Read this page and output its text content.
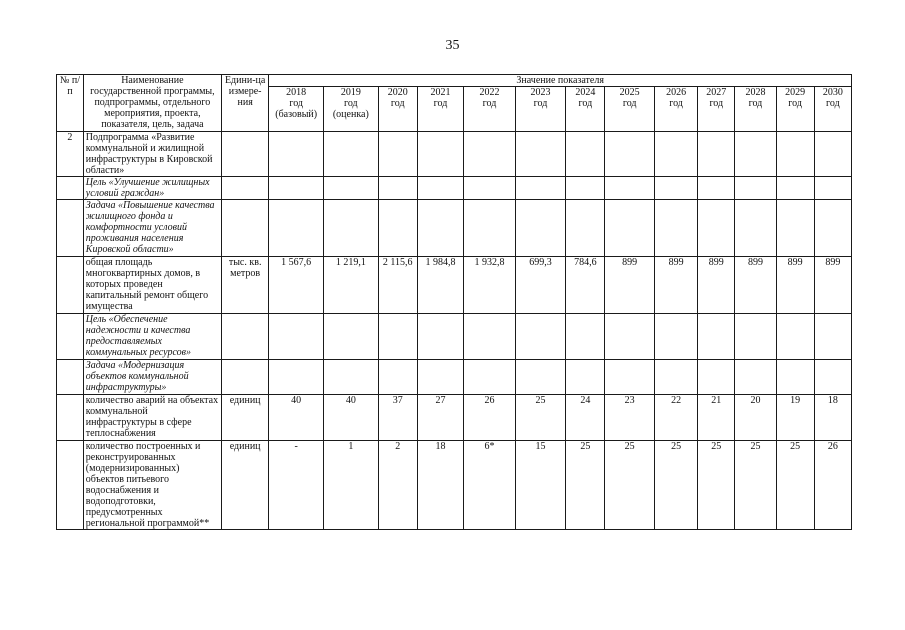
35
№ п/п	Наименование государственной программы, подпрограммы, отдельного мероприятия, проекта, показателя, цель, задача	Едини-ца измере-ния	Значение показателя												
			2018
год
(базовый)	2019
год
(оценка)	2020
год	2021
год	2022
год	2023
год	2024
год	2025
год	2026
год	2027
год	2028
год	2029
год	2030
год
2	Подпрограмма «Развитие коммунальной и жилищной инфраструктуры в Кировской области»														
	Цель «Улучшение жилищных условий граждан»														
	Задача «Повышение качества жилищного фонда и комфортности условий проживания населения Кировской области»														
	общая площадь многоквартирных домов, в которых проведен капитальный ремонт общего имущества	тыс. кв. метров	1 567,6	1 219,1	2 115,6	1 984,8	1 932,8	699,3	784,6	899	899	899	899	899	899
	Цель «Обеспечение надежности и качества предоставляемых коммунальных ресурсов»														
	Задача «Модернизация объектов коммунальной инфраструктуры»														
	количество аварий на объектах коммунальной инфраструктуры в сфере теплоснабжения	единиц	40	40	37	27	26	25	24	23	22	21	20	19	18
	количество построенных и реконструированных (модернизированных) объектов питьевого водоснабжения и водоподготовки, предусмотренных региональной программой**	единиц	-	1	2	18	6*	15	25	25	25	25	25	25	26
